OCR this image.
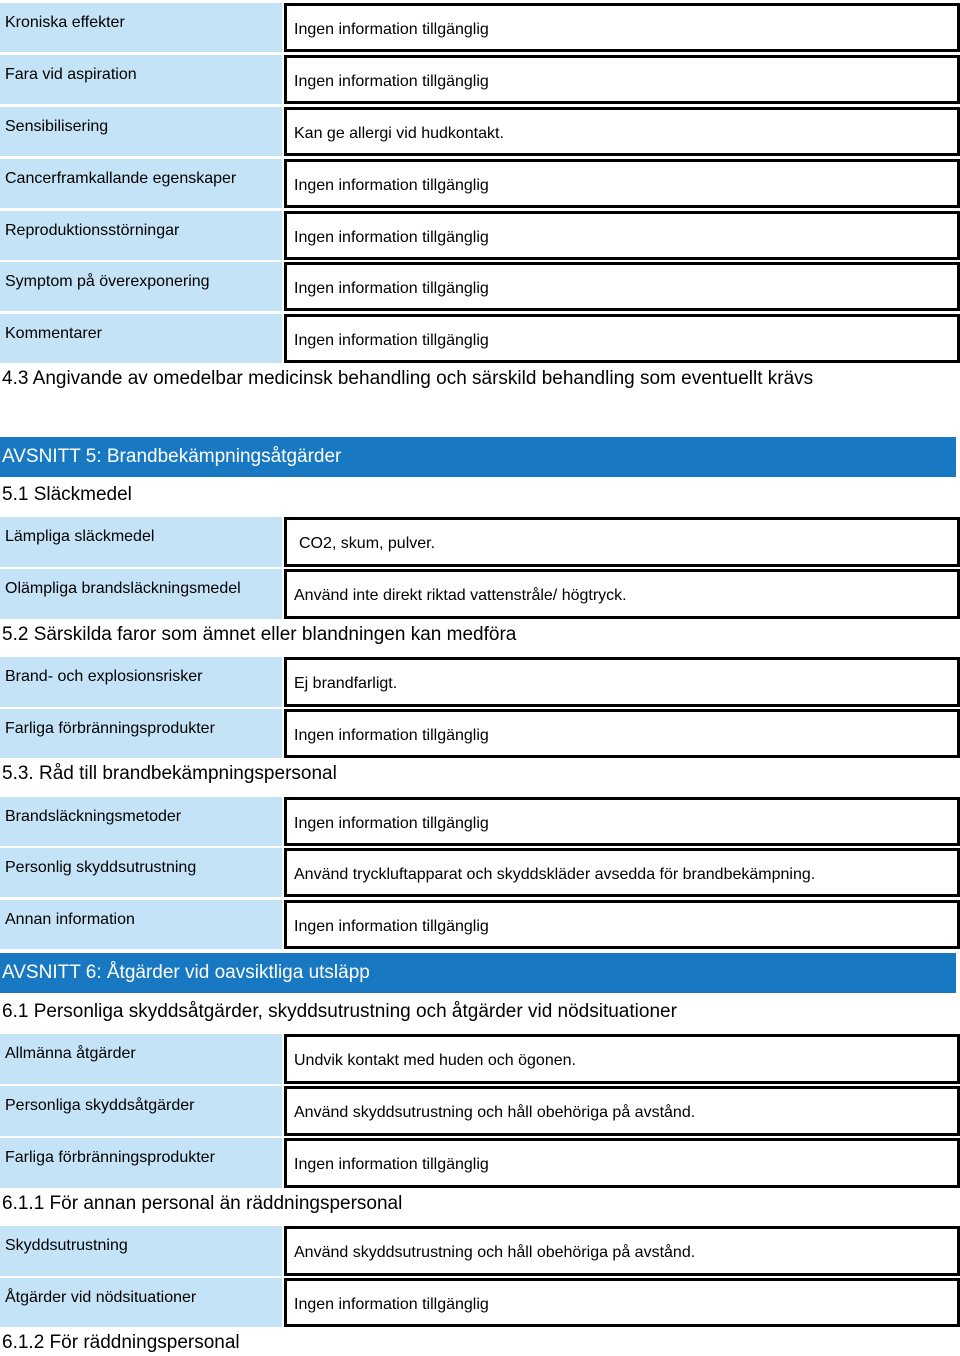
Kroniska effekter	Ingen information tillgänglig
Fara vid aspiration	Ingen information tillgänglig
Sensibilisering	Kan ge allergi vid hudkontakt.
Cancerframkallande egenskaper	Ingen information tillgänglig
Reproduktionsstörningar	Ingen information tillgänglig
Symptom på överexponering	Ingen information tillgänglig
Kommentarer	Ingen information tillgänglig
4.3 Angivande av omedelbar medicinsk behandling och särskild behandling som eventuellt krävs
AVSNITT 5: Brandbekämpningsåtgärder
5.1 Släckmedel
Lämpliga släckmedel	CO2, skum, pulver.
Olämpliga brandsläckningsmedel	Använd inte direkt riktad vattenstråle/ högtryck.
5.2 Särskilda faror som ämnet eller blandningen kan medföra
Brand- och explosionsrisker	Ej brandfarligt.
Farliga förbränningsprodukter	Ingen information tillgänglig
5.3. Råd till brandbekämpningspersonal
Brandsläckningsmetoder	Ingen information tillgänglig
Personlig skyddsutrustning	Använd tryckluftapparat och skyddskläder avsedda för brandbekämpning.
Annan information	Ingen information tillgänglig
AVSNITT 6: Åtgärder vid oavsiktliga utsläpp
6.1 Personliga skyddsåtgärder, skyddsutrustning och åtgärder vid nödsituationer
Allmänna åtgärder	Undvik kontakt med huden och ögonen.
Personliga skyddsåtgärder	Använd skyddsutrustning och håll obehöriga på avstånd.
Farliga förbränningsprodukter	Ingen information tillgänglig
6.1.1 För annan personal än räddningspersonal
Skyddsutrustning	Använd skyddsutrustning och håll obehöriga på avstånd.
Åtgärder vid nödsituationer	Ingen information tillgänglig
6.1.2 För räddningspersonal
